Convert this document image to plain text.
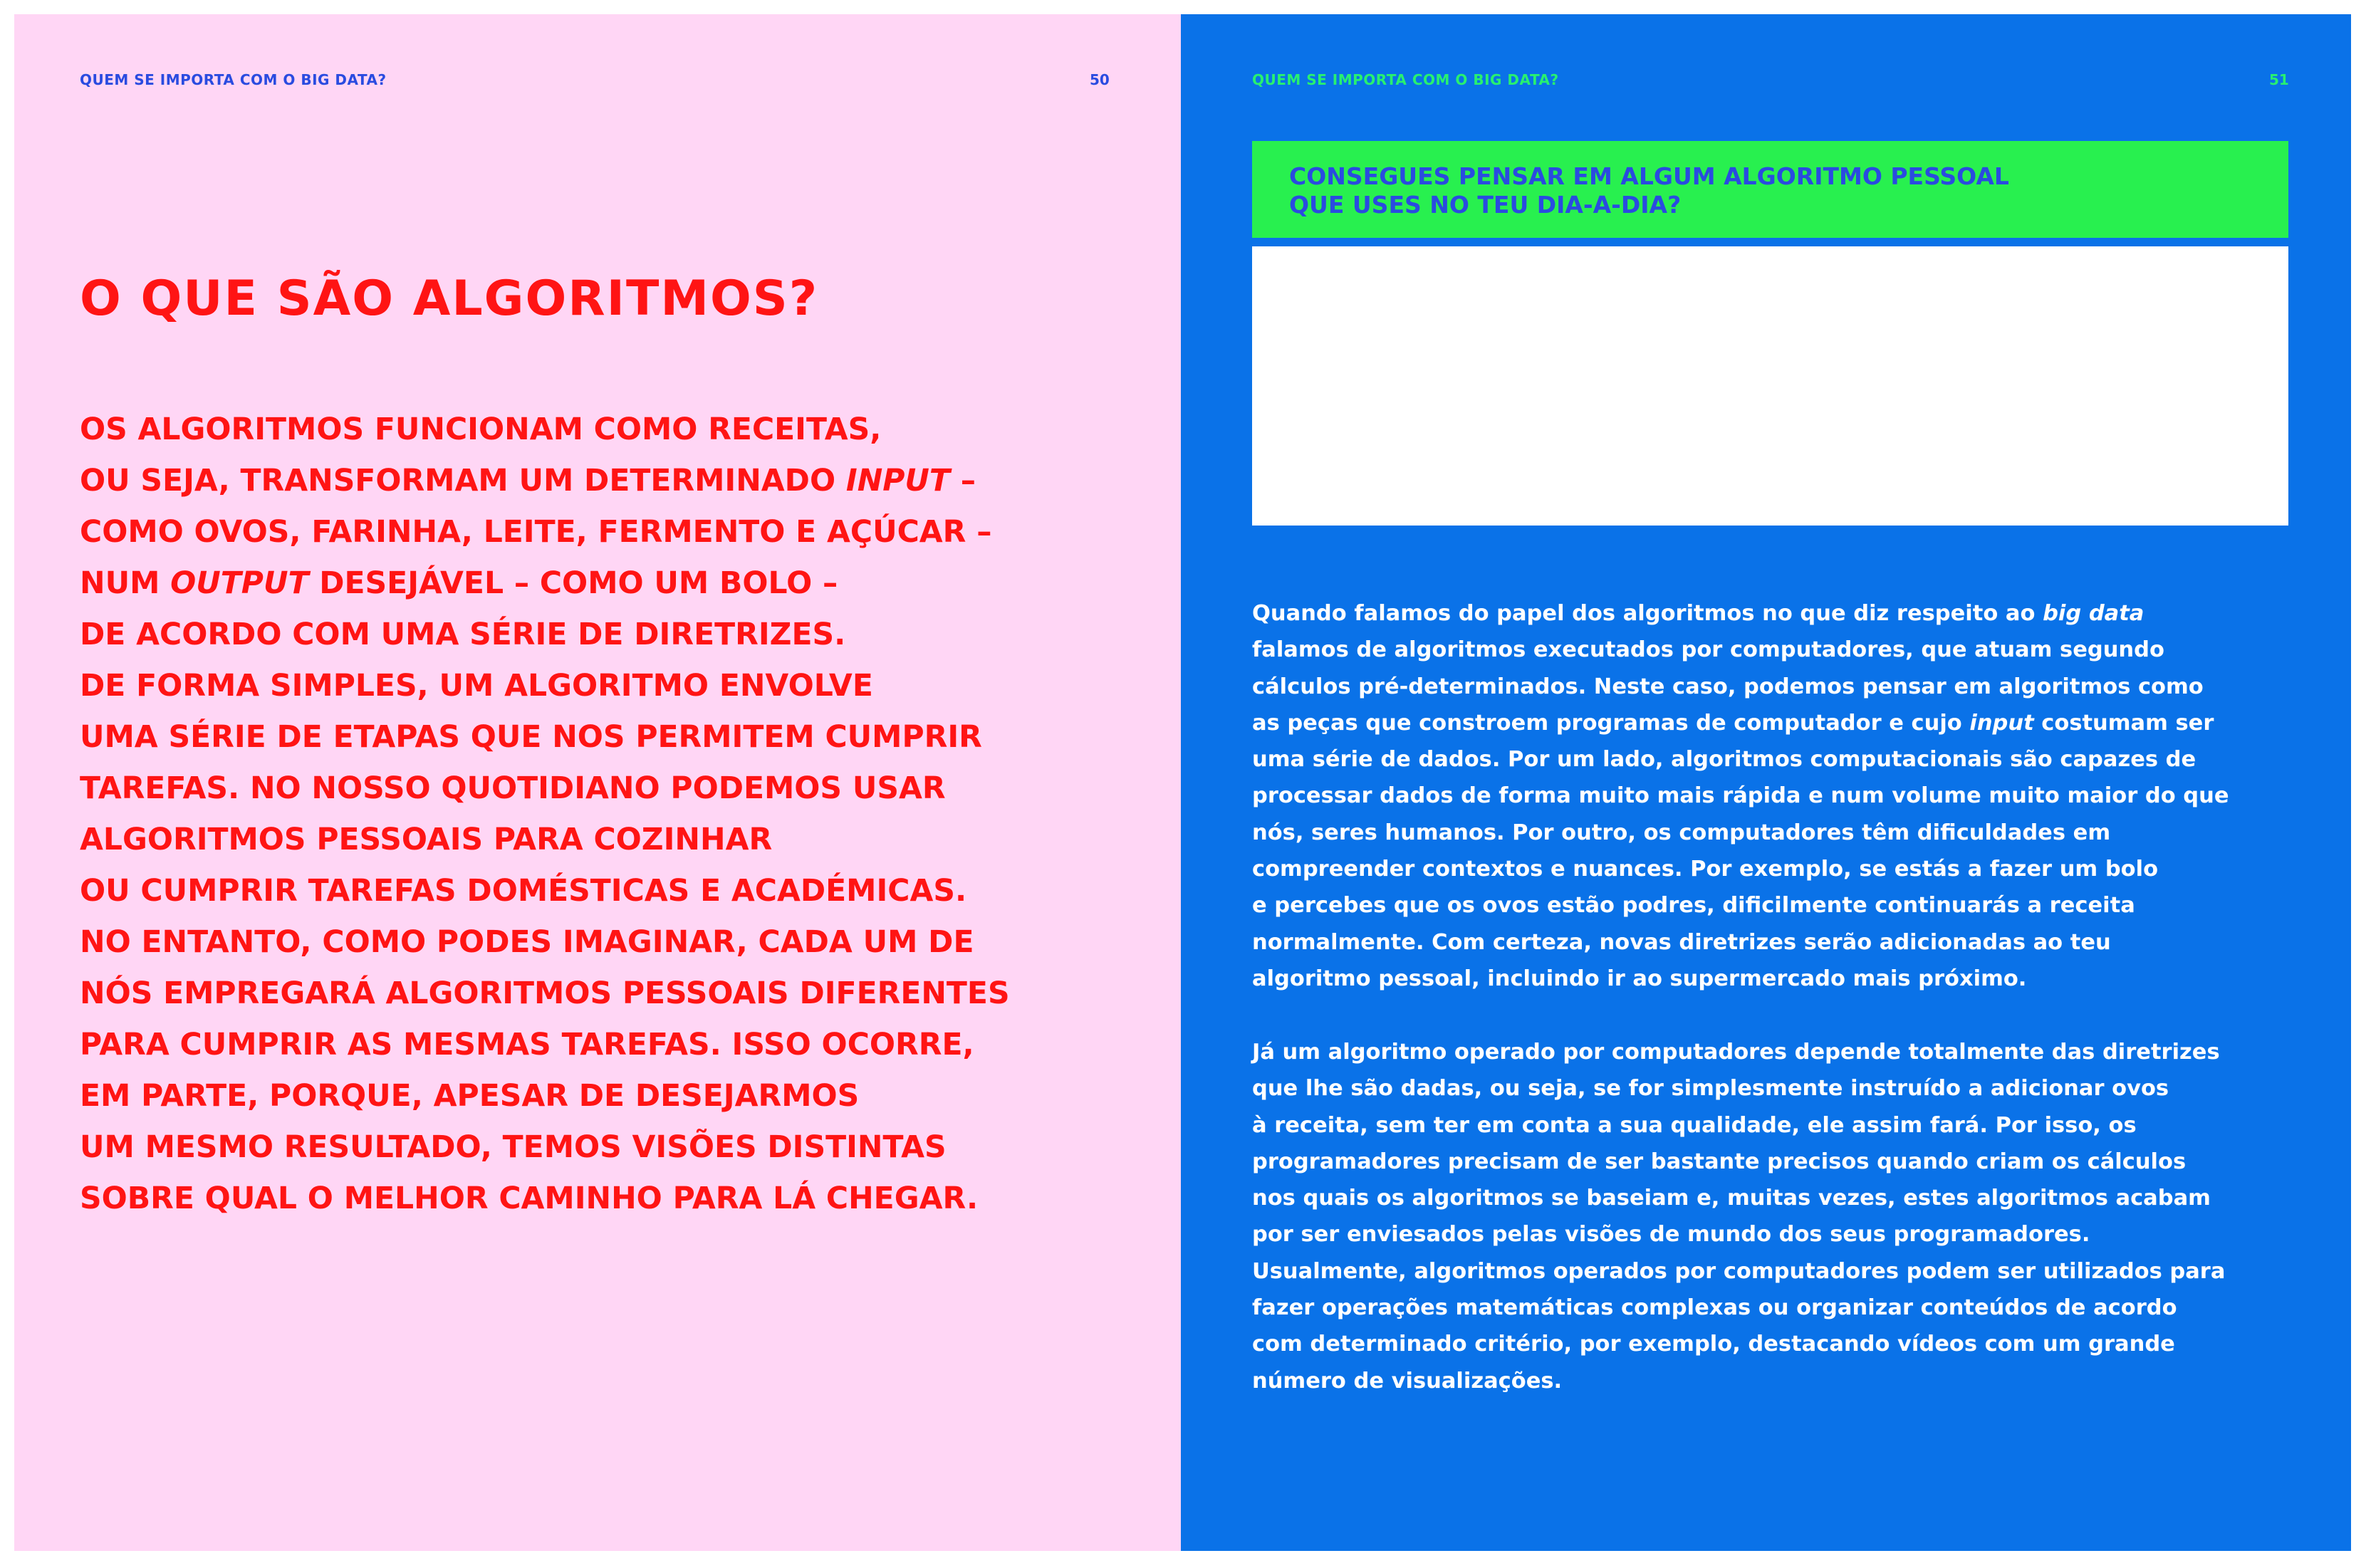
QUEM SE IMPORTA COM O BIG DATA?	50
O QUE SÃO ALGORITMOS?

OS ALGORITMOS FUNCIONAM COMO RECEITAS,
OU SEJA, TRANSFORMAM UM DETERMINADO INPUT –
COMO OVOS, FARINHA, LEITE, FERMENTO E AÇÚCAR –
NUM OUTPUT DESEJÁVEL – COMO UM BOLO –
DE ACORDO COM UMA SÉRIE DE DIRETRIZES.
DE FORMA SIMPLES, UM ALGORITMO ENVOLVE
UMA SÉRIE DE ETAPAS QUE NOS PERMITEM CUMPRIR
TAREFAS. NO NOSSO QUOTIDIANO PODEMOS USAR
ALGORITMOS PESSOAIS PARA COZINHAR
OU CUMPRIR TAREFAS DOMÉSTICAS E ACADÉMICAS.
NO ENTANTO, COMO PODES IMAGINAR, CADA UM DE
NÓS EMPREGARÁ ALGORITMOS PESSOAIS DIFERENTES
PARA CUMPRIR AS MESMAS TAREFAS. ISSO OCORRE,
EM PARTE, PORQUE, APESAR DE DESEJARMOS
UM MESMO RESULTADO, TEMOS VISÕES DISTINTAS
SOBRE QUAL O MELHOR CAMINHO PARA LÁ CHEGAR.

QUEM SE IMPORTA COM O BIG DATA?	51

CONSEGUES PENSAR EM ALGUM ALGORITMO PESSOAL
QUE USES NO TEU DIA-A-DIA?

Quando falamos do papel dos algoritmos no que diz respeito ao big data
falamos de algoritmos executados por computadores, que atuam segundo
cálculos pré-determinados. Neste caso, podemos pensar em algoritmos como
as peças que constroem programas de computador e cujo input costumam ser
uma série de dados. Por um lado, algoritmos computacionais são capazes de
processar dados de forma muito mais rápida e num volume muito maior do que
nós, seres humanos. Por outro, os computadores têm dificuldades em
compreender contextos e nuances. Por exemplo, se estás a fazer um bolo
e percebes que os ovos estão podres, dificilmente continuarás a receita
normalmente. Com certeza, novas diretrizes serão adicionadas ao teu
algoritmo pessoal, incluindo ir ao supermercado mais próximo.

Já um algoritmo operado por computadores depende totalmente das diretrizes
que lhe são dadas, ou seja, se for simplesmente instruído a adicionar ovos
à receita, sem ter em conta a sua qualidade, ele assim fará. Por isso, os
programadores precisam de ser bastante precisos quando criam os cálculos
nos quais os algoritmos se baseiam e, muitas vezes, estes algoritmos acabam
por ser enviesados pelas visões de mundo dos seus programadores.
Usualmente, algoritmos operados por computadores podem ser utilizados para
fazer operações matemáticas complexas ou organizar conteúdos de acordo
com determinado critério, por exemplo, destacando vídeos com um grande
número de visualizações.
